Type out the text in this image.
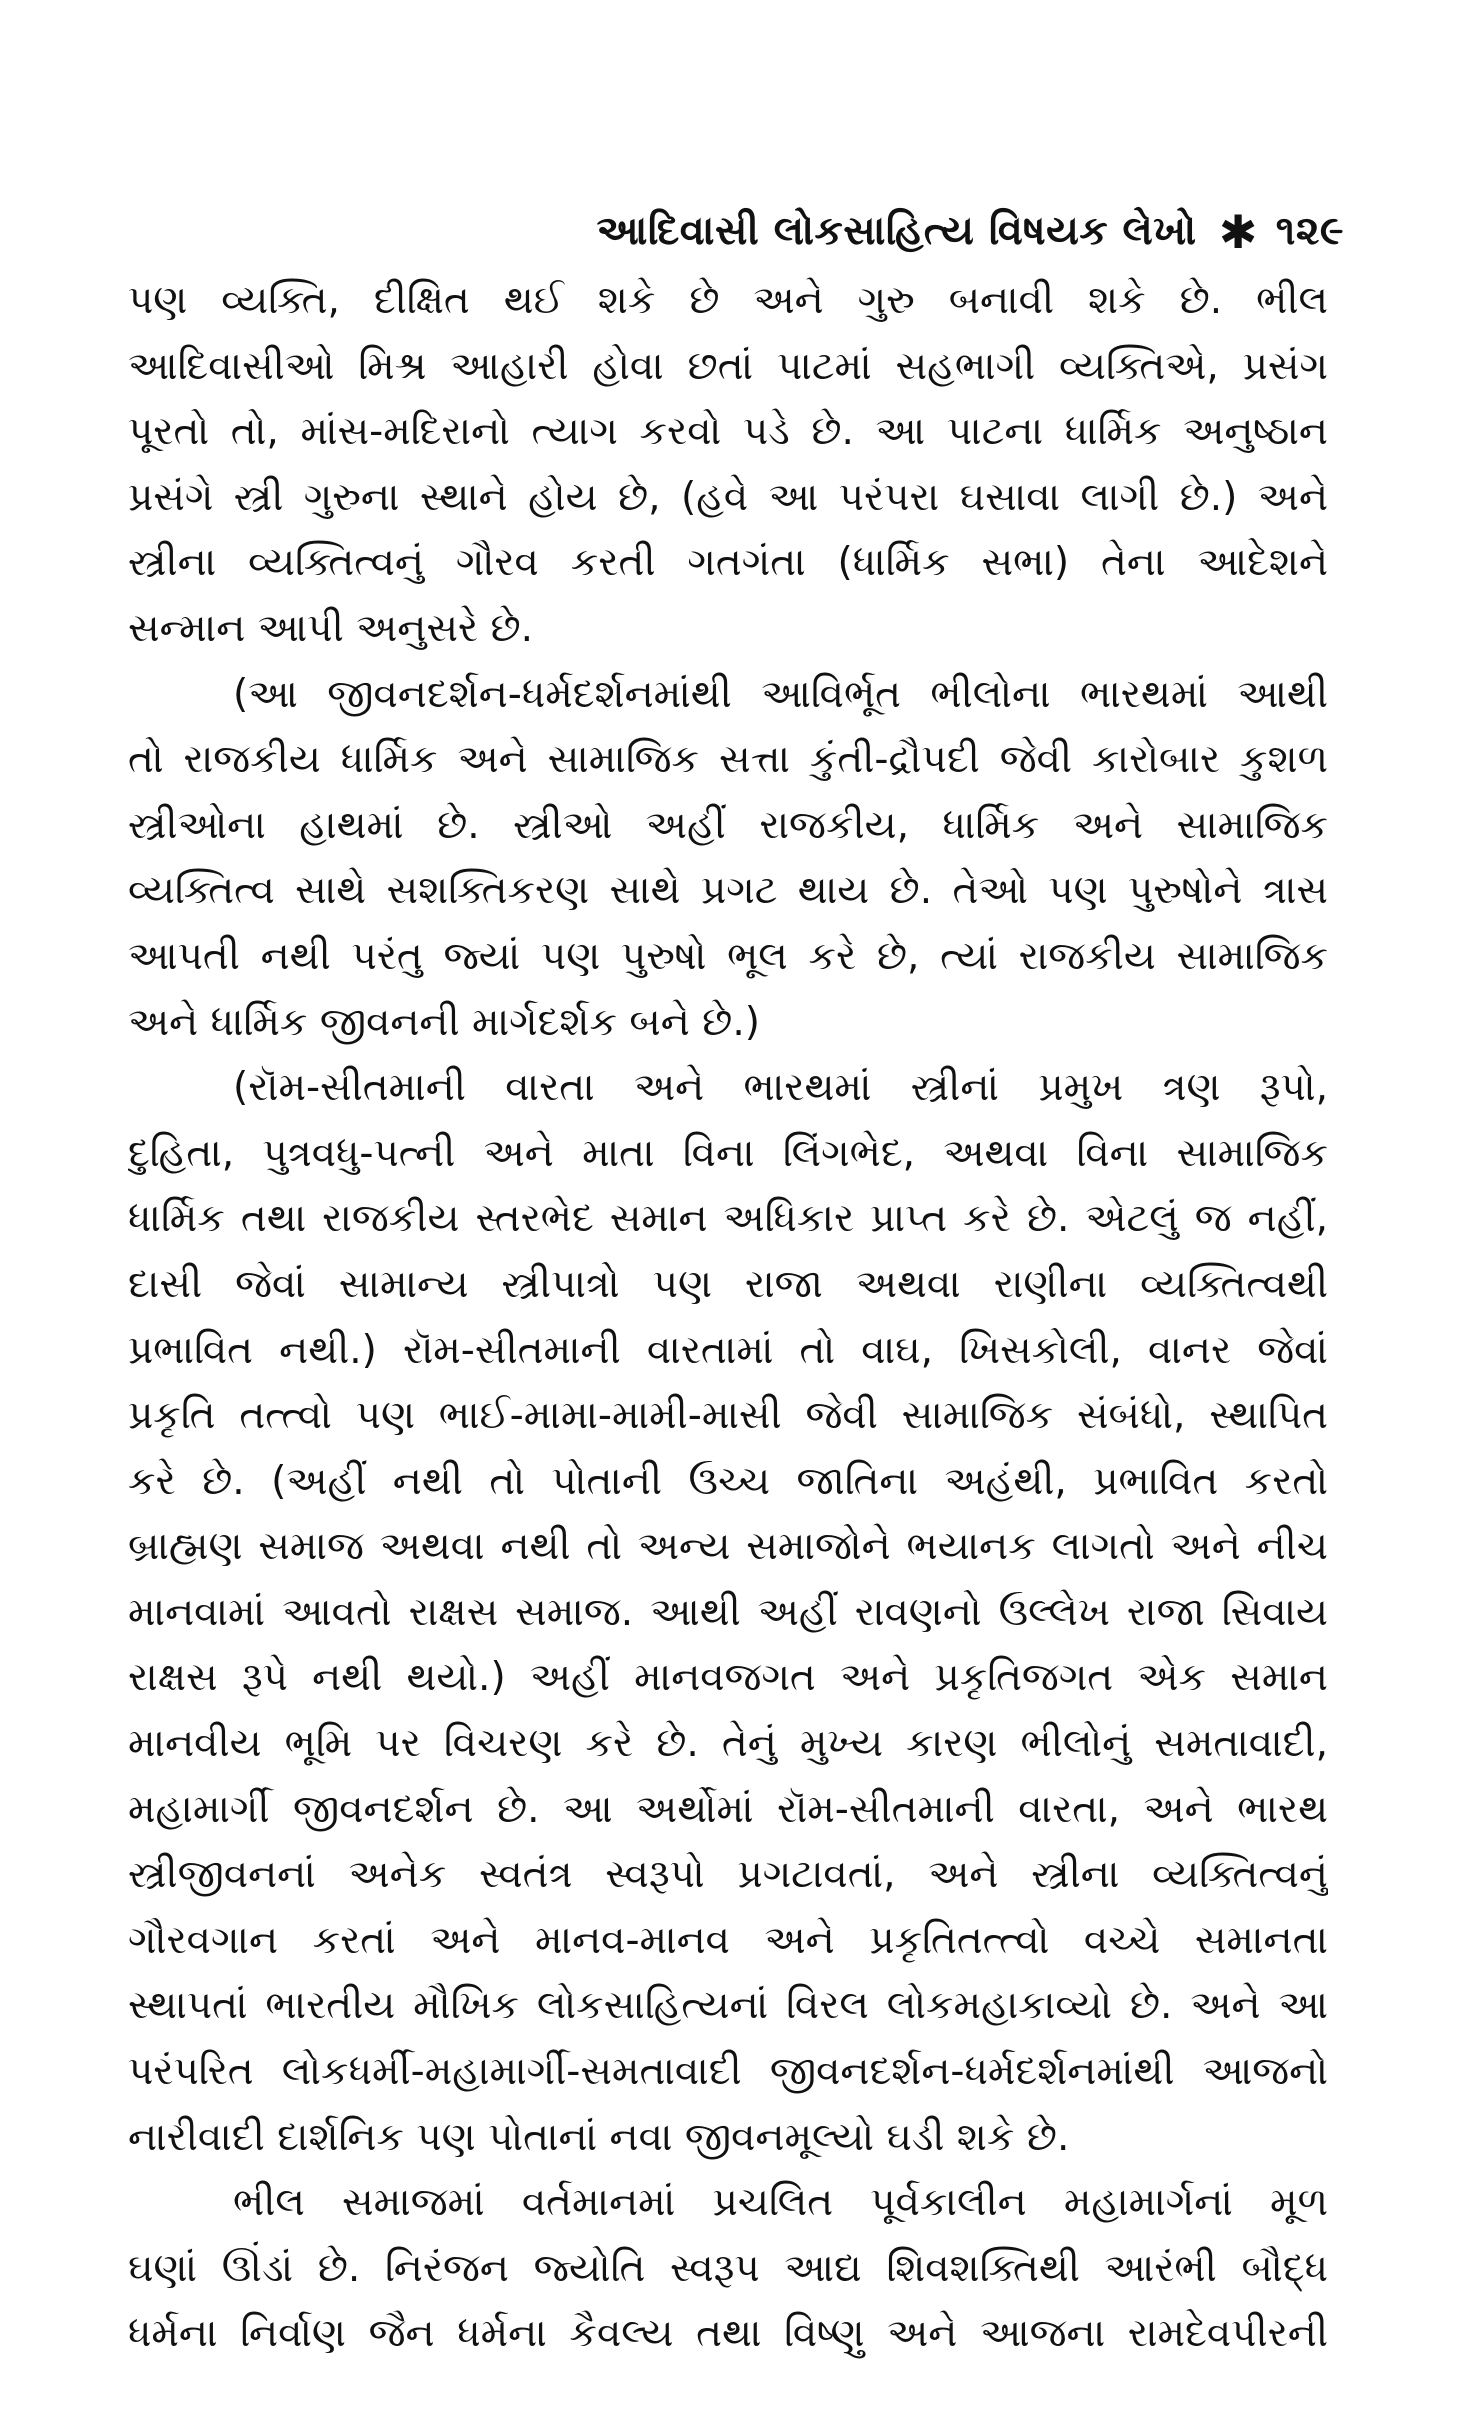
આદિવાસી લોકસાહિત્ય વિષયક લેખો ✱ ૧૨૯
પણ વ્યક્તિ, દીક્ષિત થઈ શકે છે અને ગુરુ બનાવી શકે છે. ભીલ
આદિવાસીઓ મિશ્ર આહારી હોવા છતાં પાટમાં સહભાગી વ્યક્તિએ, પ્રસંગ
પૂરતો તો, માંસ-મદિરાનો ત્યાગ કરવો પડે છે. આ પાટના ધાર્મિક અનુષ્ઠાન
પ્રસંગે સ્ત્રી ગુરુના સ્થાને હોય છે, (હવે આ પરંપરા ઘસાવા લાગી છે.) અને
સ્ત્રીના વ્યક્તિત્વનું ગૌરવ કરતી ગતગંતા (ધાર્મિક સભા) તેના આદેશને
સન્માન આપી અનુસરે છે.
(આ જીવનદર્શન-ધર્મદર્શનમાંથી આવિર્ભૂત ભીલોના ભારથમાં આથી
તો રાજકીય ધાર્મિક અને સામાજિક સત્તા કુંતી-દ્રૌપદી જેવી કારોબાર કુશળ
સ્ત્રીઓના હાથમાં છે. સ્ત્રીઓ અહીં રાજકીય, ધાર્મિક અને સામાજિક
વ્યક્તિત્વ સાથે સશક્તિકરણ સાથે પ્રગટ થાય છે. તેઓ પણ પુરુષોને ત્રાસ
આપતી નથી પરંતુ જ્યાં પણ પુરુષો ભૂલ કરે છે, ત્યાં રાજકીય સામાજિક
અને ધાર્મિક જીવનની માર્ગદર્શક બને છે.)
(રૉમ-સીતમાની વારતા અને ભારથમાં સ્ત્રીનાં પ્રમુખ ત્રણ રૂપો,
દુહિતા, પુત્રવધુ-પત્ની અને માતા વિના લિંગભેદ, અથવા વિના સામાજિક
ધાર્મિક તથા રાજકીય સ્તરભેદ સમાન અધિકાર પ્રાપ્ત કરે છે. એટલું જ નહીં,
દાસી જેવાં સામાન્ય સ્ત્રીપાત્રો પણ રાજા અથવા રાણીના વ્યક્તિત્વથી
પ્રભાવિત નથી.) રૉમ-સીતમાની વારતામાં તો વાઘ, ખિસકોલી, વાનર જેવાં
પ્રકૃતિ તત્ત્વો પણ ભાઈ-મામા-મામી-માસી જેવી સામાજિક સંબંધો, સ્થાપિત
કરે છે. (અહીં નથી તો પોતાની ઉચ્ચ જાતિના અહંથી, પ્રભાવિત કરતો
બ્રાહ્મણ સમાજ અથવા નથી તો અન્ય સમાજોને ભયાનક લાગતો અને નીચ
માનવામાં આવતો રાક્ષસ સમાજ. આથી અહીં રાવણનો ઉલ્લેખ રાજા સિવાય
રાક્ષસ રૂપે નથી થયો.) અહીં માનવજગત અને પ્રકૃતિજગત એક સમાન
માનવીય ભૂમિ પર વિચરણ કરે છે. તેનું મુખ્ય કારણ ભીલોનું સમતાવાદી,
મહામાર્ગી જીવનદર્શન છે. આ અર્થોમાં રૉમ-સીતમાની વારતા, અને ભારથ
સ્ત્રીજીવનનાં અનેક સ્વતંત્ર સ્વરૂપો પ્રગટાવતાં, અને સ્ત્રીના વ્યક્તિત્વનું
ગૌરવગાન કરતાં અને માનવ-માનવ અને પ્રકૃતિતત્ત્વો વચ્ચે સમાનતા
સ્થાપતાં ભારતીય મૌખિક લોકસાહિત્યનાં વિરલ લોકમહાકાવ્યો છે. અને આ
પરંપરિત લોકધર્મી-મહામાર્ગી-સમતાવાદી જીવનદર્શન-ધર્મદર્શનમાંથી આજનો
નારીવાદી દાર્શનિક પણ પોતાનાં નવા જીવનમૂલ્યો ઘડી શકે છે.
ભીલ સમાજમાં વર્તમાનમાં પ્રચલિત પૂર્વકાલીન મહામાર્ગનાં મૂળ
ઘણાં ઊંડાં છે. નિરંજન જ્યોતિ સ્વરૂપ આદ્ય શિવશક્તિથી આરંભી બૌદ્ધ
ધર્મના નિર્વાણ જૈન ધર્મના કૈવલ્ય તથા વિષ્ણુ અને આજના રામદેવપીરની
